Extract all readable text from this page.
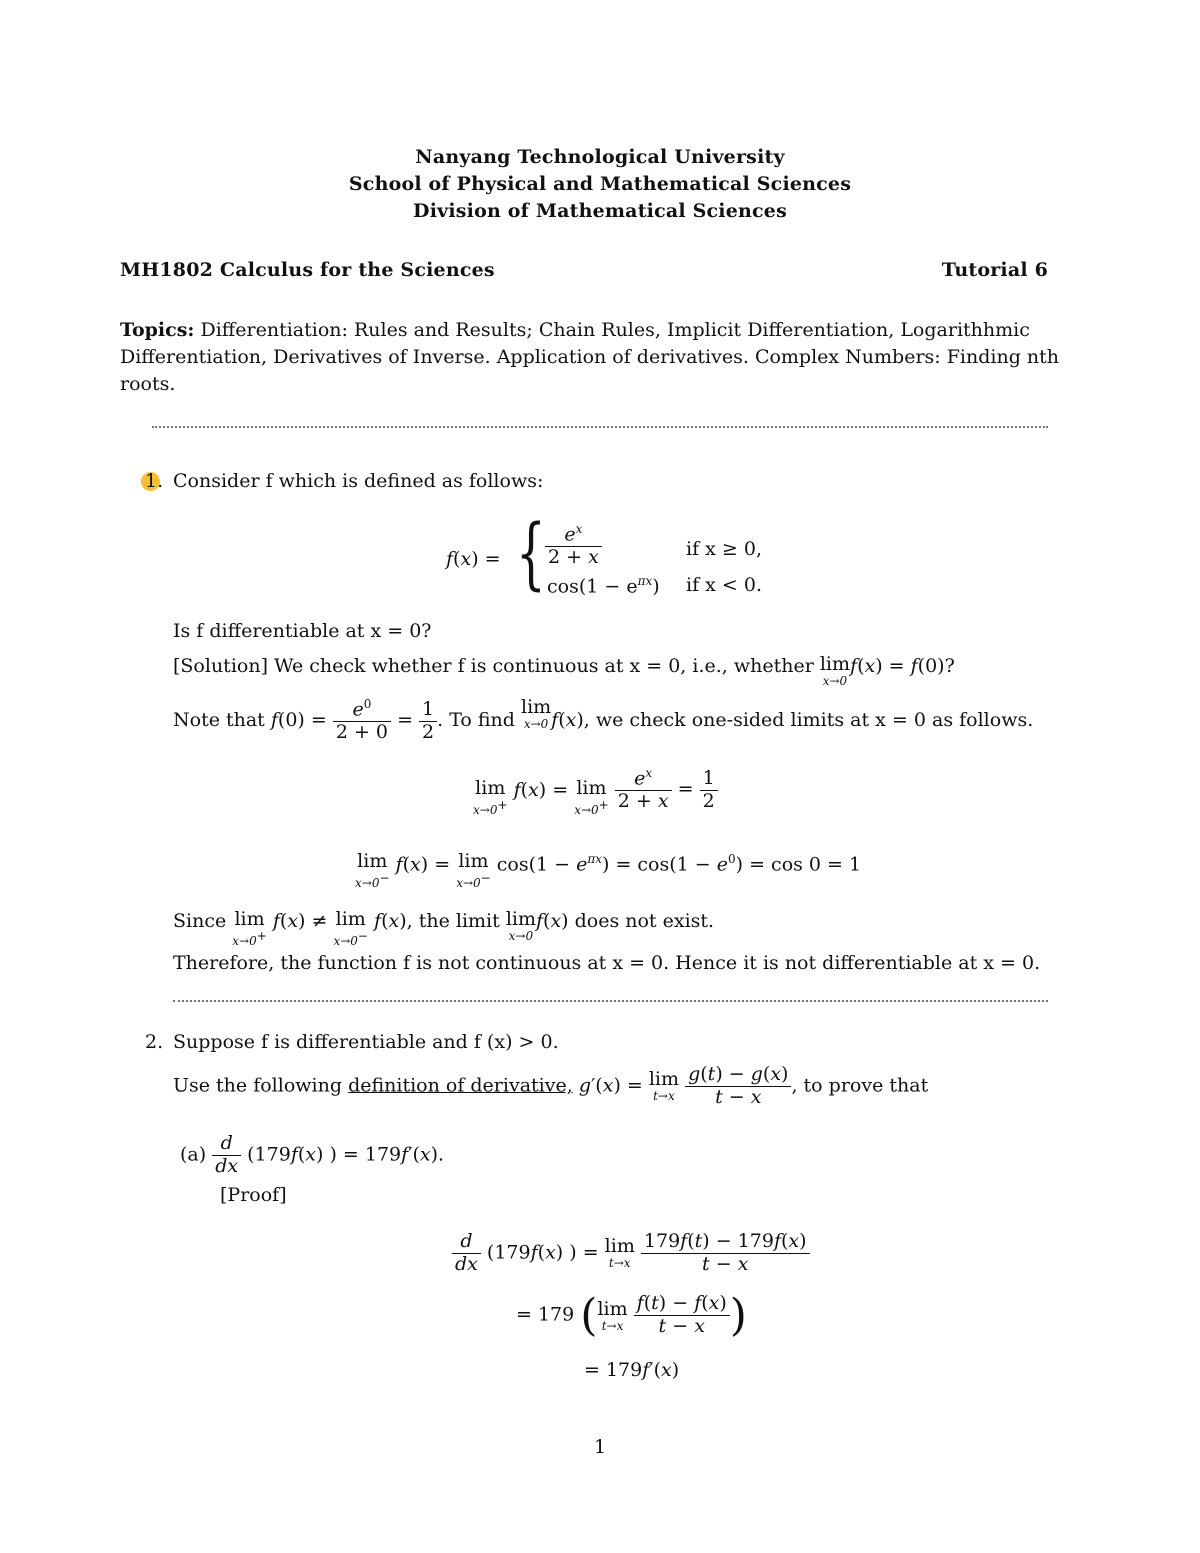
Nanyang Technological University
School of Physical and Mathematical Sciences
Division of Mathematical Sciences
MH1802 Calculus for the Sciences	Tutorial 6
Topics: Differentiation: Rules and Results; Chain Rules, Implicit Differentiation, Logarithhmic
Differentiation, Derivatives of Inverse. Application of derivatives. Complex Numbers: Finding nth
roots.
1. Consider f which is defined as follows:
f(x) = { $\frac{e^x}{2 + x}$	if x ≥ 0,
$\cos(1 - e^{\pi x})$ if x < 0.
Is f differentiable at x = 0?
[Solution] We check whether f is continuous at x = 0, i.e., whether lim
x→0
f(x) = f(0)?
Note that $f(0) = \frac{e^0}{2 + 0} = \frac{1}{2}$ . To find lim
x→0 f(x), we check one-sided limits at x = 0 as follows.
lim
x→0+
f(x) = lim
x→0+
$\frac{e^x}{2 + x} = \frac{1}{2}$
lim
x→0−
f(x) = lim
x→0−
$\cos(1 - e^{\pi x}) = \cos(1 - e^0) = \cos 0 = 1$
Since lim
x→0+
f(x) ≠ lim
x→0−
f(x), the limit lim
x→0
f(x) does not exist.
Therefore, the function f is not continuous at x = 0. Hence it is not differentiable at x = 0.
2. Suppose f is differentiable and f (x) > 0.
Use the following definition of derivative, g′(x) = lim
t→x
$\frac{g(t) - g(x)}{t - x}$ , to prove that
$(a) \frac{d}{dx} (179f(x)$ ) = 179f′(x).
[Proof]
$\frac{d}{dx} (179f(x)$ ) = lim
t→x
$\frac{179f(t) - 179f(x)}{t - x}$
= 179 (lim
t→x
$\frac{f(t) - f(x)}{t - x}$ )
= 179f′(x)
1
